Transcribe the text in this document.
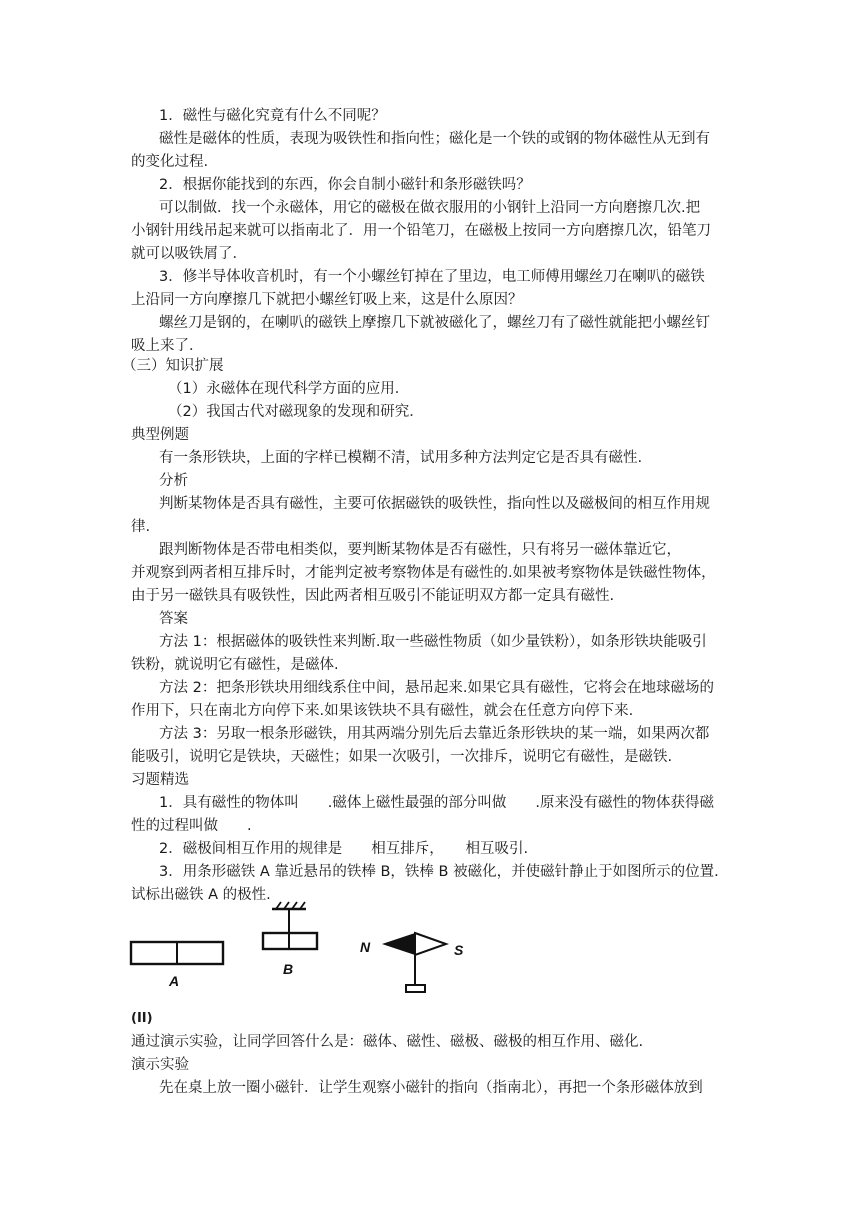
1．磁性与磁化究竟有什么不同呢？
磁性是磁体的性质，表现为吸铁性和指向性；磁化是一个铁的或钢的物体磁性从无到有
的变化过程.
2．根据你能找到的东西，你会自制小磁针和条形磁铁吗？
可以制做．找一个永磁体，用它的磁极在做衣服用的小钢针上沿同一方向磨擦几次.把
小钢针用线吊起来就可以指南北了．用一个铅笔刀，在磁极上按同一方向磨擦几次，铅笔刀
就可以吸铁屑了．
3．修半导体收音机时，有一个小螺丝钉掉在了里边，电工师傅用螺丝刀在喇叭的磁铁
上沿同一方向摩擦几下就把小螺丝钉吸上来，这是什么原因？
螺丝刀是钢的，在喇叭的磁铁上摩擦几下就被磁化了，螺丝刀有了磁性就能把小螺丝钉
吸上来了．
（三）知识扩展
（1）永磁体在现代科学方面的应用．
（2）我国古代对磁现象的发现和研究．
典型例题
有一条形铁块，上面的字样已模糊不清，试用多种方法判定它是否具有磁性.
分析
判断某物体是否具有磁性，主要可依据磁铁的吸铁性，指向性以及磁极间的相互作用规
律.
跟判断物体是否带电相类似，要判断某物体是否有磁性，只有将另一磁体靠近它，
并观察到两者相互排斥时，才能判定被考察物体是有磁性的.如果被考察物体是铁磁性物体，
由于另一磁铁具有吸铁性，因此两者相互吸引不能证明双方都一定具有磁性.
答案
方法 1：根据磁体的吸铁性来判断.取一些磁性物质（如少量铁粉），如条形铁块能吸引
铁粉，就说明它有磁性，是磁体.
方法 2：把条形铁块用细线系住中间，悬吊起来.如果它具有磁性，它将会在地球磁场的
作用下，只在南北方向停下来.如果该铁块不具有磁性，就会在任意方向停下来.
方法 3：另取一根条形磁铁，用其两端分别先后去靠近条形铁块的某一端，如果两次都
能吸引，说明它是铁块，天磁性；如果一次吸引，一次排斥，说明它有磁性，是磁铁.
习题精选
1．具有磁性的物体叫　　.磁体上磁性最强的部分叫做　　.原来没有磁性的物体获得磁
性的过程叫做　　.
2．磁极间相互作用的规律是　　相互排斥，　　相互吸引.
3．用条形磁铁 A 靠近悬吊的铁棒 B，铁棒 B 被磁化，并使磁针静止于如图所示的位置.
试标出磁铁 A 的极性.
A
B
N	S
(II)
通过演示实验，让同学回答什么是：磁体、磁性、磁极、磁极的相互作用、磁化.
演示实验
先在桌上放一圈小磁针．让学生观察小磁针的指向（指南北），再把一个条形磁体放到
